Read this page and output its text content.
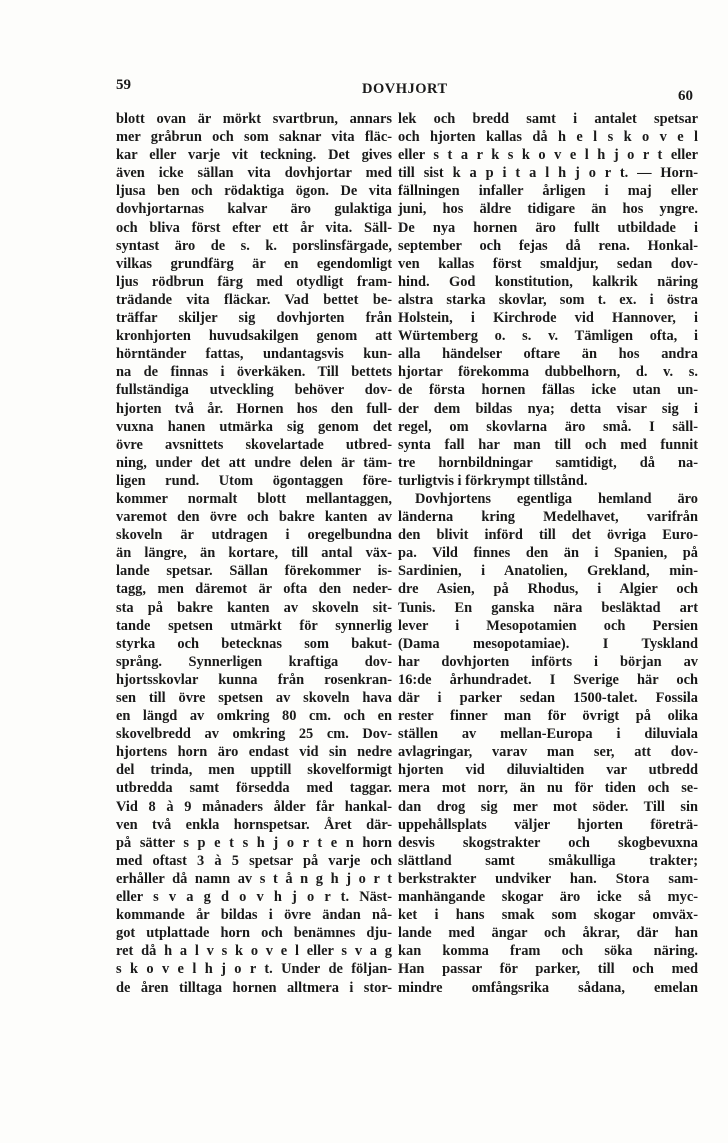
59	DOVHJORT	60
blott ovan är mörkt svartbrun, annars
mer gråbrun och som saknar vita fläc-
kar eller varje vit teckning. Det gives
även icke sällan vita dovhjortar med
ljusa ben och rödaktiga ögon. De vita
dovhjortarnas kalvar äro gulaktiga
och bliva först efter ett år vita. Säll-
syntast äro de s. k. porslinsfärgade,
vilkas grundfärg är en egendomligt
ljus rödbrun färg med otydligt fram-
trädande vita fläckar. Vad bettet be-
träffar skiljer sig dovhjorten från
kronhjorten huvudsakilgen genom att
hörntänder fattas, undantagsvis kun-
na de finnas i överkäken. Till bettets
fullständiga utveckling behöver dov-
hjorten två år. Hornen hos den full-
vuxna hanen utmärka sig genom det
övre avsnittets skovelartade utbred-
ning, under det att undre delen är täm-
ligen rund. Utom ögontaggen före-
kommer normalt blott mellantaggen,
varemot den övre och bakre kanten av
skoveln är utdragen i oregelbundna
än längre, än kortare, till antal väx-
lande spetsar. Sällan förekommer is-
tagg, men däremot är ofta den neder-
sta på bakre kanten av skoveln sit-
tande spetsen utmärkt för synnerlig
styrka och betecknas som bakut-
språng. Synnerligen kraftiga dov-
hjortsskovlar kunna från rosenkran-
sen till övre spetsen av skoveln hava
en längd av omkring 80 cm. och en
skovelbredd av omkring 25 cm. Dov-
hjortens horn äro endast vid sin nedre
del trinda, men upptill skovelformigt
utbredda samt försedda med taggar.
Vid 8 à 9 månaders ålder får hankal-
ven två enkla hornspetsar. Året där-
på sätter s p e t s h j o r t e n horn
med oftast 3 à 5 spetsar på varje och
erhåller då namn av s t å n g h j o r t
eller s v a g d o v h j o r t. Näst-
kommande år bildas i övre ändan nå-
got utplattade horn och benämnes dju-
ret då h a l v s k o v e l eller s v a g
s k o v e l h j o r t. Under de följan-
de åren tilltaga hornen alltmera i stor-
lek och bredd samt i antalet spetsar
och hjorten kallas då h e l s k o v e l
eller s t a r k s k o v e l h j o r t eller
till sist k a p i t a l h j o r t. — Horn-
fällningen infaller årligen i maj eller
juni, hos äldre tidigare än hos yngre.
De nya hornen äro fullt utbildade i
september och fejas då rena. Honkal-
ven kallas först smaldjur, sedan dov-
hind. God konstitution, kalkrik näring
alstra starka skovlar, som t. ex. i östra
Holstein, i Kirchrode vid Hannover, i
Würtemberg o. s. v. Tämligen ofta, i
alla händelser oftare än hos andra
hjortar förekomma dubbelhorn, d. v. s.
de första hornen fällas icke utan un-
der dem bildas nya; detta visar sig i
regel, om skovlarna äro små. I säll-
synta fall har man till och med funnit
tre hornbildningar samtidigt, då na-
turligtvis i förkrympt tillstånd.
Dovhjortens egentliga hemland äro
länderna kring Medelhavet, varifrån
den blivit införd till det övriga Euro-
pa. Vild finnes den än i Spanien, på
Sardinien, i Anatolien, Grekland, min-
dre Asien, på Rhodus, i Algier och
Tunis. En ganska nära besläktad art
lever i Mesopotamien och Persien
(Dama mesopotamiae). I Tyskland
har dovhjorten införts i början av
16:de århundradet. I Sverige här och
där i parker sedan 1500-talet. Fossila
rester finner man för övrigt på olika
ställen av mellan-Europa i diluviala
avlagringar, varav man ser, att dov-
hjorten vid diluvialtiden var utbredd
mera mot norr, än nu för tiden och se-
dan drog sig mer mot söder. Till sin
uppehållsplats väljer hjorten företrä-
desvis skogstrakter och skogbevuxna
slättland samt småkulliga trakter;
berkstrakter undviker han. Stora sam-
manhängande skogar äro icke så myc-
ket i hans smak som skogar omväx-
lande med ängar och åkrar, där han
kan komma fram och söka näring.
Han passar för parker, till och med
mindre omfångsrika sådana, emelan
